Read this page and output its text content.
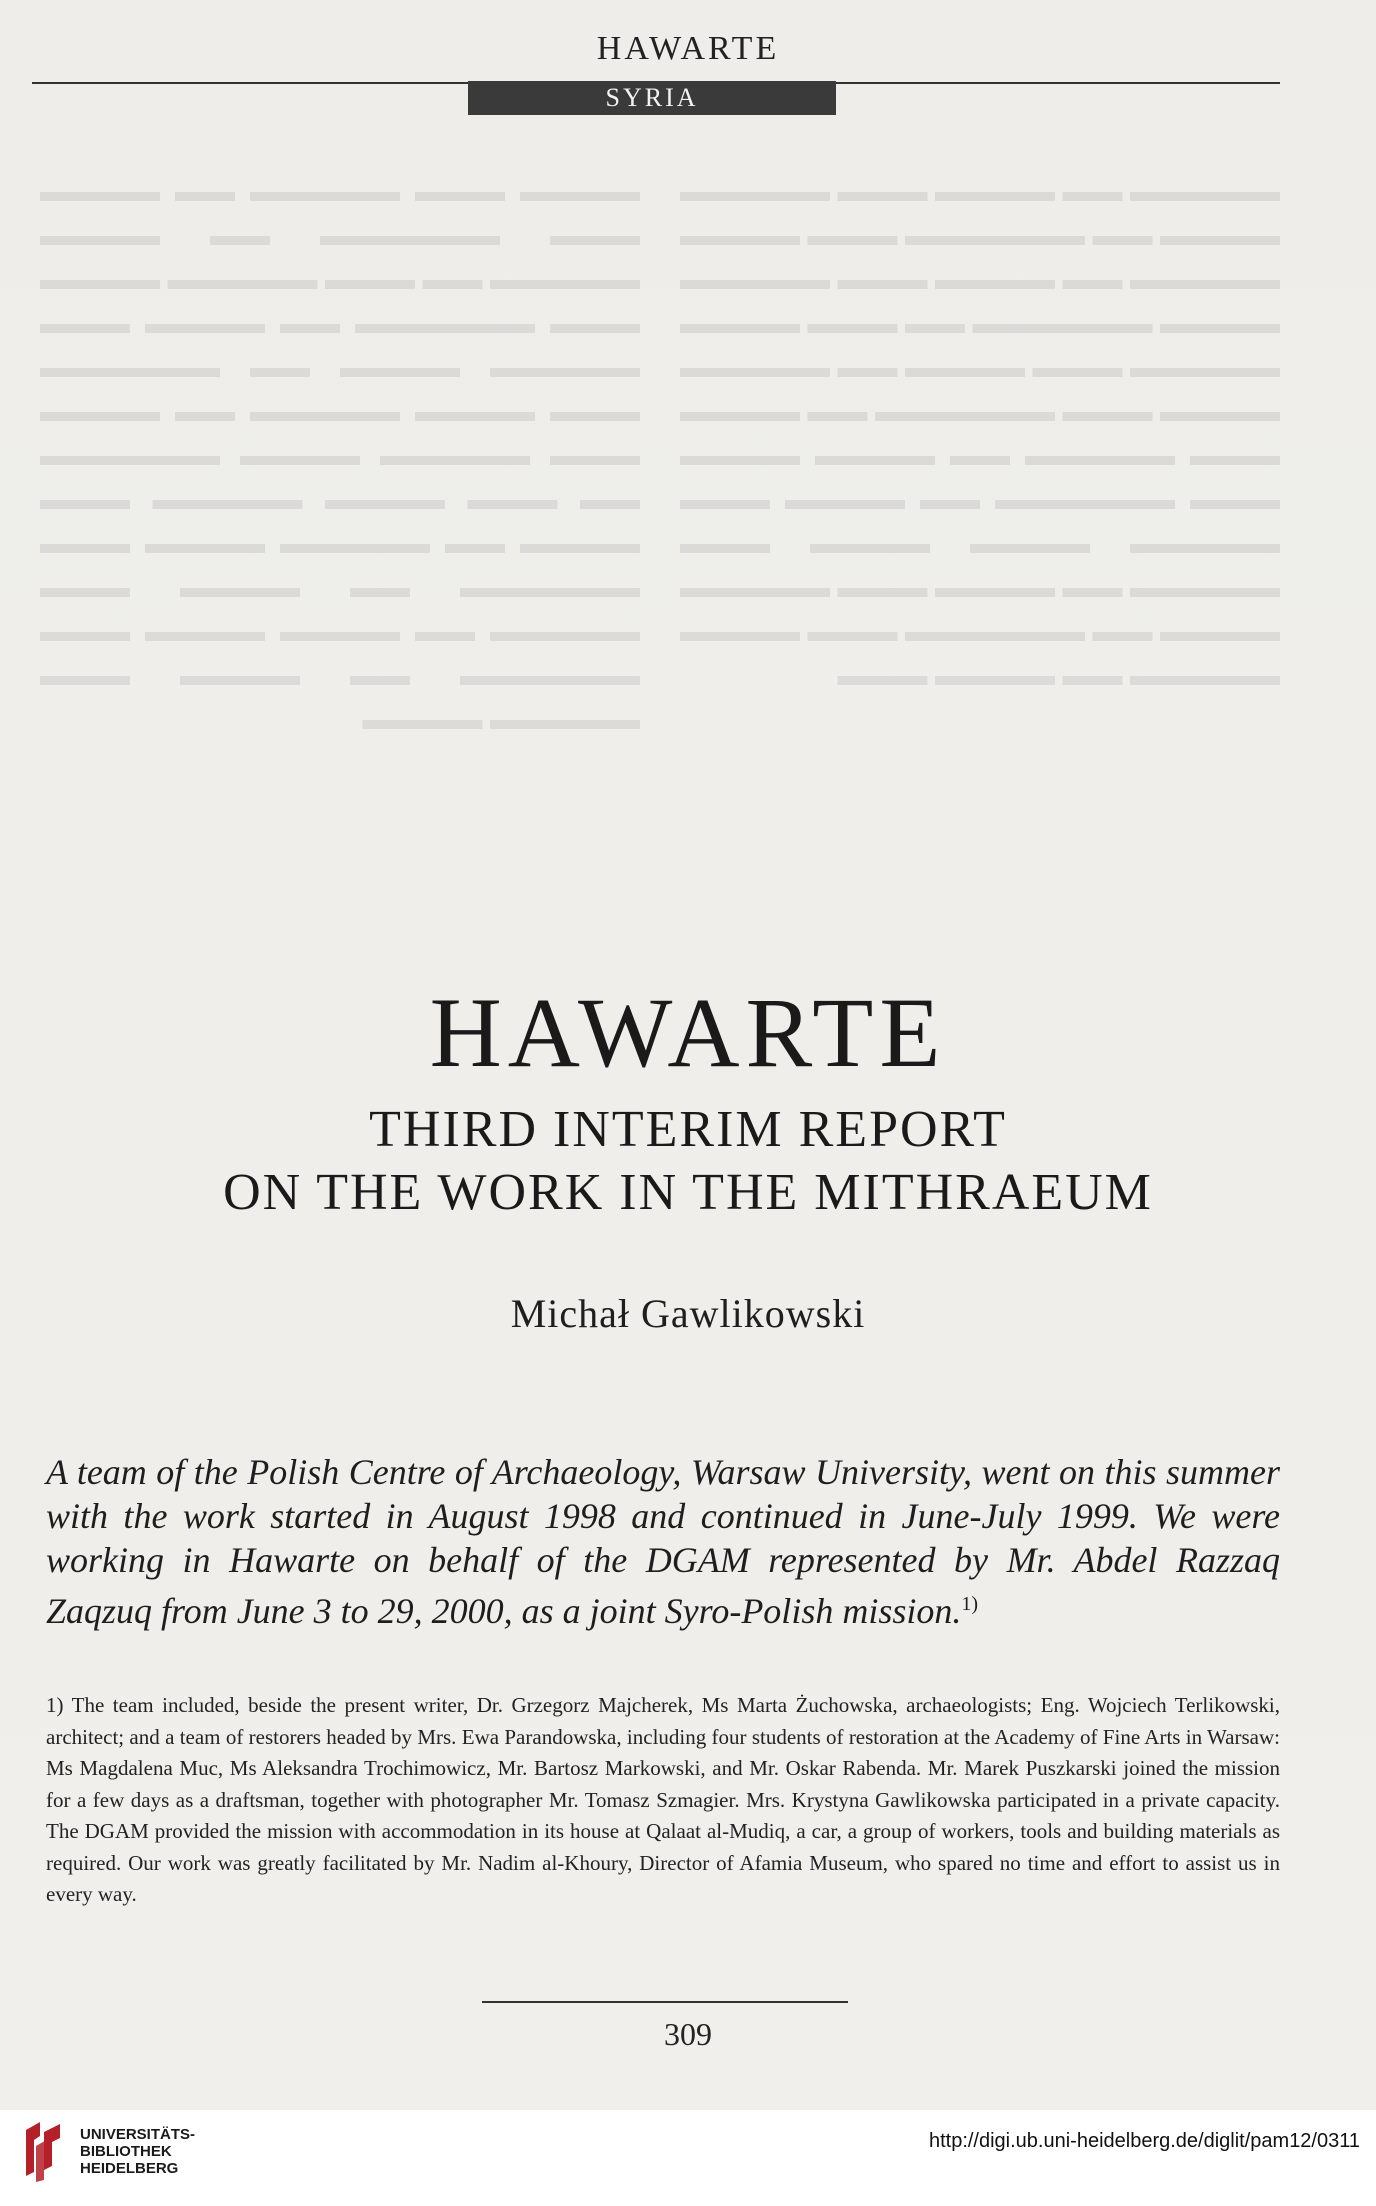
▬▬▬▬ ▬▬▬ ▬▬▬▬▬ ▬▬ ▬▬▬▬ ▬▬▬ ▬▬▬▬▬▬ ▬▬ ▬▬▬▬ ▬▬▬▬▬ ▬▬ ▬▬▬ ▬▬▬▬▬ ▬▬▬▬ ▬▬▬ ▬▬▬▬▬▬ ▬▬ ▬▬▬▬ ▬▬▬ ▬▬▬▬▬ ▬▬▬▬ ▬▬ ▬▬▬▬▬▬ ▬▬▬ ▬▬▬▬ ▬▬▬▬▬ ▬▬ ▬▬▬▬ ▬▬▬ ▬▬▬▬▬ ▬▬▬▬ ▬▬▬▬▬▬ ▬▬ ▬▬▬ ▬▬▬▬ ▬▬▬▬▬ ▬▬▬ ▬▬▬▬ ▬▬ ▬▬▬▬▬ ▬▬▬▬ ▬▬▬ ▬▬▬▬▬▬ ▬▬ ▬▬▬▬ ▬▬▬ ▬▬▬▬▬ ▬▬ ▬▬▬▬ ▬▬▬▬ ▬▬▬ ▬▬▬▬▬▬ ▬▬ ▬▬▬▬ ▬▬▬ ▬▬▬▬▬ ▬▬▬▬
▬▬▬▬▬ ▬▬ ▬▬▬▬ ▬▬▬ ▬▬▬▬▬ ▬▬▬▬ ▬▬ ▬▬▬▬▬▬ ▬▬▬ ▬▬▬▬ ▬▬▬▬▬ ▬▬ ▬▬▬▬ ▬▬▬ ▬▬▬▬▬ ▬▬▬▬ ▬▬▬▬▬▬ ▬▬ ▬▬▬ ▬▬▬▬ ▬▬▬▬▬ ▬▬▬ ▬▬▬▬ ▬▬ ▬▬▬▬▬ ▬▬▬▬ ▬▬▬ ▬▬▬▬▬▬ ▬▬ ▬▬▬▬ ▬▬▬ ▬▬▬▬▬ ▬▬ ▬▬▬▬ ▬▬▬▬ ▬▬▬ ▬▬▬▬▬▬ ▬▬ ▬▬▬▬ ▬▬▬ ▬▬▬▬▬ ▬▬▬▬ ▬▬▬▬ ▬▬▬ ▬▬▬▬▬ ▬▬ ▬▬▬▬ ▬▬▬ ▬▬▬▬▬ ▬▬▬▬ ▬▬ ▬▬▬▬▬▬ ▬▬▬ ▬▬▬▬ ▬▬▬▬▬ ▬▬ ▬▬▬▬ ▬▬▬
HAWARTE
SYRIA
HAWARTE
THIRD INTERIM REPORT
ON THE WORK IN THE MITHRAEUM
Michał Gawlikowski

A team of the Polish Centre of Archaeology, Warsaw University, went on this summer with the work started in August 1998 and continued in June-July 1999. We were working in Hawarte on behalf of the DGAM represented by Mr. Abdel Razzaq Zaqzuq from June 3 to 29, 2000, as a joint Syro-Polish mission.$^{1)}$

1) The team included, beside the present writer, Dr. Grzegorz Majcherek, Ms Marta Żuchowska, archaeologists; Eng. Wojciech Terlikowski, architect; and a team of restorers headed by Mrs. Ewa Parandowska, including four students of restoration at the Academy of Fine Arts in Warsaw: Ms Magdalena Muc, Ms Aleksandra Trochimowicz, Mr. Bartosz Markowski, and Mr. Oskar Rabenda. Mr. Marek Puszkarski joined the mission for a few days as a draftsman, together with photographer Mr. Tomasz Szmagier. Mrs. Krystyna Gawlikowska participated in a private capacity. The DGAM provided the mission with accommodation in its house at Qalaat al-Mudiq, a car, a group of workers, tools and building materials as required. Our work was greatly facilitated by Mr. Nadim al-Khoury, Director of Afamia Museum, who spared no time and effort to assist us in every way.

309
UNIVERSITÄTS-
BIBLIOTHEK
HEIDELBERG
http://digi.ub.uni-heidelberg.de/diglit/pam12/0311
